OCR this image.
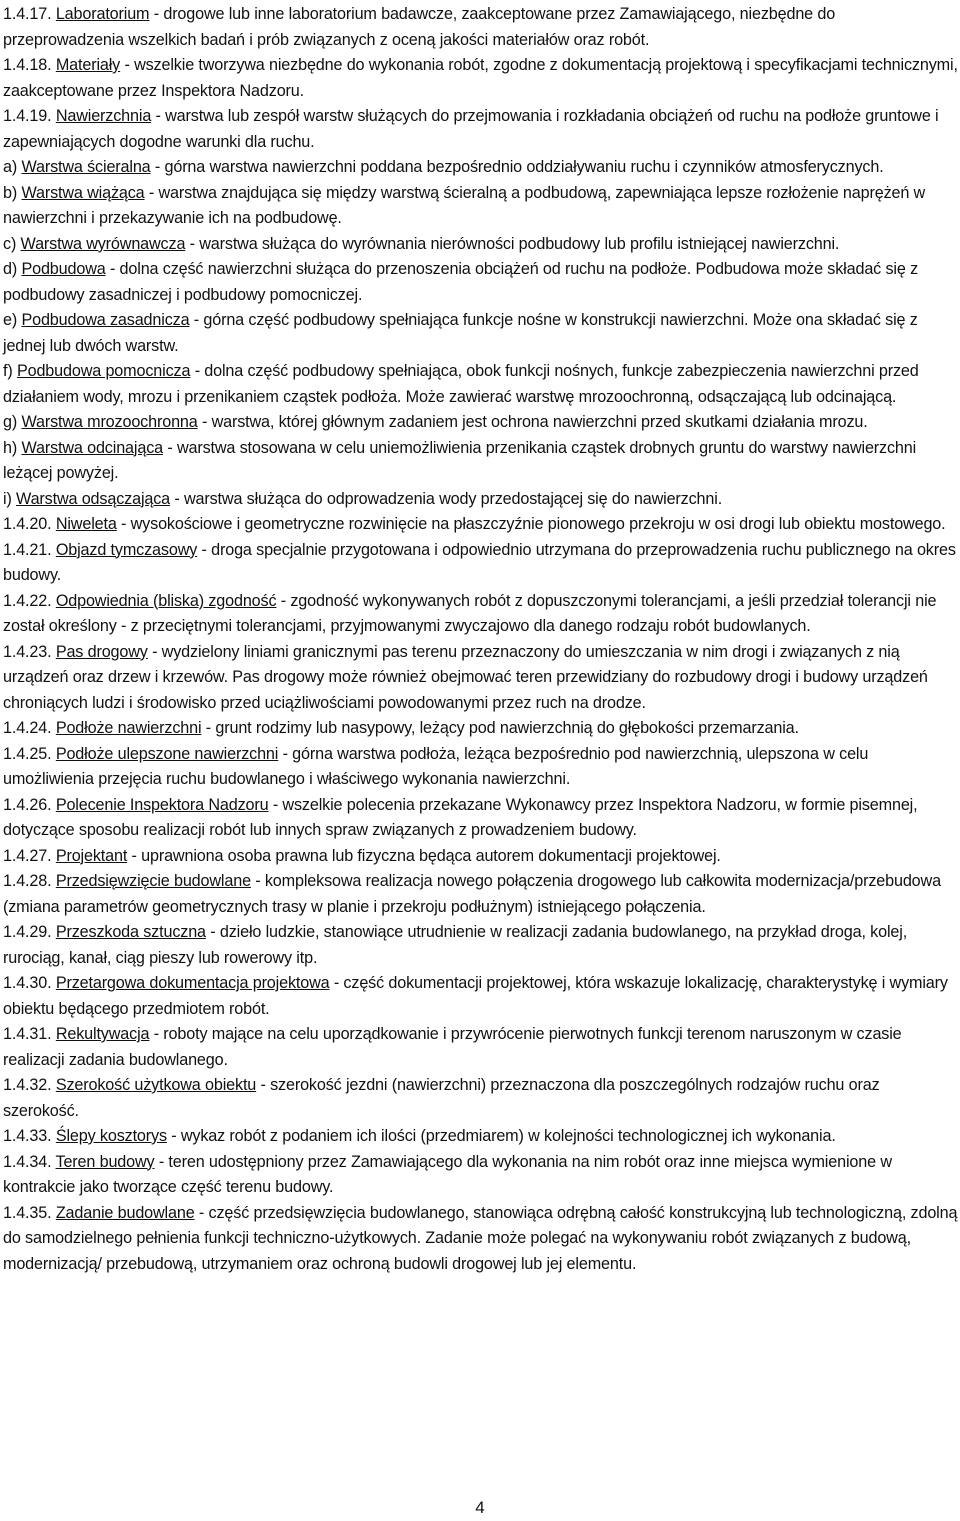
1.4.17. Laboratorium - drogowe lub inne laboratorium badawcze, zaakceptowane przez Zamawiającego, niezbędne do przeprowadzenia wszelkich badań i prób związanych z oceną jakości materiałów oraz robót.

1.4.18. Materiały - wszelkie tworzywa niezbędne do wykonania robót, zgodne z dokumentacją projektową i specyfikacjami technicznymi, zaakceptowane przez Inspektora Nadzoru.

1.4.19. Nawierzchnia - warstwa lub zespół warstw służących do przejmowania i rozkładania obciążeń od ruchu na podłoże gruntowe i zapewniających dogodne warunki dla ruchu.

a) Warstwa ścieralna - górna warstwa nawierzchni poddana bezpośrednio oddziaływaniu ruchu i czynników atmosferycznych.

b) Warstwa wiążąca - warstwa znajdująca się między warstwą ścieralną a podbudową, zapewniająca lepsze rozłożenie naprężeń w nawierzchni i przekazywanie ich na podbudowę.

c) Warstwa wyrównawcza - warstwa służąca do wyrównania nierówności podbudowy lub profilu istniejącej nawierzchni.

d) Podbudowa - dolna część nawierzchni służąca do przenoszenia obciążeń od ruchu na podłoże. Podbudowa może składać się z podbudowy zasadniczej i podbudowy pomocniczej.

e) Podbudowa zasadnicza - górna część podbudowy spełniająca funkcje nośne w konstrukcji nawierzchni. Może ona składać się z jednej lub dwóch warstw.

f) Podbudowa pomocnicza - dolna część podbudowy spełniająca, obok funkcji nośnych, funkcje zabezpieczenia nawierzchni przed działaniem wody, mrozu i przenikaniem cząstek podłoża. Może zawierać warstwę mrozoochronną, odsączającą lub odcinającą.

g) Warstwa mrozoochronna - warstwa, której głównym zadaniem jest ochrona nawierzchni przed skutkami działania mrozu.

h) Warstwa odcinająca - warstwa stosowana w celu uniemożliwienia przenikania cząstek drobnych gruntu do warstwy nawierzchni leżącej powyżej.

i) Warstwa odsączająca - warstwa służąca do odprowadzenia wody przedostającej się do nawierzchni.

1.4.20. Niweleta - wysokościowe i geometryczne rozwinięcie na płaszczyźnie pionowego przekroju w osi drogi lub obiektu mostowego.

1.4.21. Objazd tymczasowy - droga specjalnie przygotowana i odpowiednio utrzymana do przeprowadzenia ruchu publicznego na okres budowy.

1.4.22. Odpowiednia (bliska) zgodność - zgodność wykonywanych robót z dopuszczonymi tolerancjami, a jeśli przedział tolerancji nie został określony - z przeciętnymi tolerancjami, przyjmowanymi zwyczajowo dla danego rodzaju robót budowlanych.

1.4.23. Pas drogowy - wydzielony liniami granicznymi pas terenu przeznaczony do umieszczania w nim drogi i związanych z nią urządzeń oraz drzew i krzewów. Pas drogowy może również obejmować teren przewidziany do rozbudowy drogi i budowy urządzeń chroniących ludzi i środowisko przed uciążliwościami powodowanymi przez ruch na drodze.

1.4.24. Podłoże nawierzchni - grunt rodzimy lub nasypowy, leżący pod nawierzchnią do głębokości przemarzania.

1.4.25. Podłoże ulepszone nawierzchni - górna warstwa podłoża, leżąca bezpośrednio pod nawierzchnią, ulepszona w celu umożliwienia przejęcia ruchu budowlanego i właściwego wykonania nawierzchni.

1.4.26. Polecenie Inspektora Nadzoru - wszelkie polecenia przekazane Wykonawcy przez Inspektora Nadzoru, w formie pisemnej, dotyczące sposobu realizacji robót lub innych spraw związanych z prowadzeniem budowy.

1.4.27. Projektant - uprawniona osoba prawna lub fizyczna będąca autorem dokumentacji projektowej.

1.4.28. Przedsięwzięcie budowlane - kompleksowa realizacja nowego połączenia drogowego lub całkowita modernizacja/przebudowa (zmiana parametrów geometrycznych trasy w planie i przekroju podłużnym) istniejącego połączenia.

1.4.29. Przeszkoda sztuczna - dzieło ludzkie, stanowiące utrudnienie w realizacji zadania budowlanego, na przykład droga, kolej, rurociąg, kanał, ciąg pieszy lub rowerowy itp.

1.4.30. Przetargowa dokumentacja projektowa - część dokumentacji projektowej, która wskazuje lokalizację, charakterystykę i wymiary obiektu będącego przedmiotem robót.

1.4.31. Rekultywacja - roboty mające na celu uporządkowanie i przywrócenie pierwotnych funkcji terenom naruszonym w czasie realizacji zadania budowlanego.

1.4.32. Szerokość użytkowa obiektu - szerokość jezdni (nawierzchni) przeznaczona dla poszczególnych rodzajów ruchu oraz szerokość.

1.4.33. Ślepy kosztorys - wykaz robót z podaniem ich ilości (przedmiarem) w kolejności technologicznej ich wykonania.

1.4.34. Teren budowy - teren udostępniony przez Zamawiającego dla wykonania na nim robót oraz inne miejsca wymienione w kontrakcie jako tworzące część terenu budowy.

1.4.35. Zadanie budowlane - część przedsięwzięcia budowlanego, stanowiąca odrębną całość konstrukcyjną lub technologiczną, zdolną do samodzielnego pełnienia funkcji techniczno-użytkowych. Zadanie może polegać na wykonywaniu robót związanych z budową, modernizacją/ przebudową, utrzymaniem oraz ochroną budowli drogowej lub jej elementu.

4
